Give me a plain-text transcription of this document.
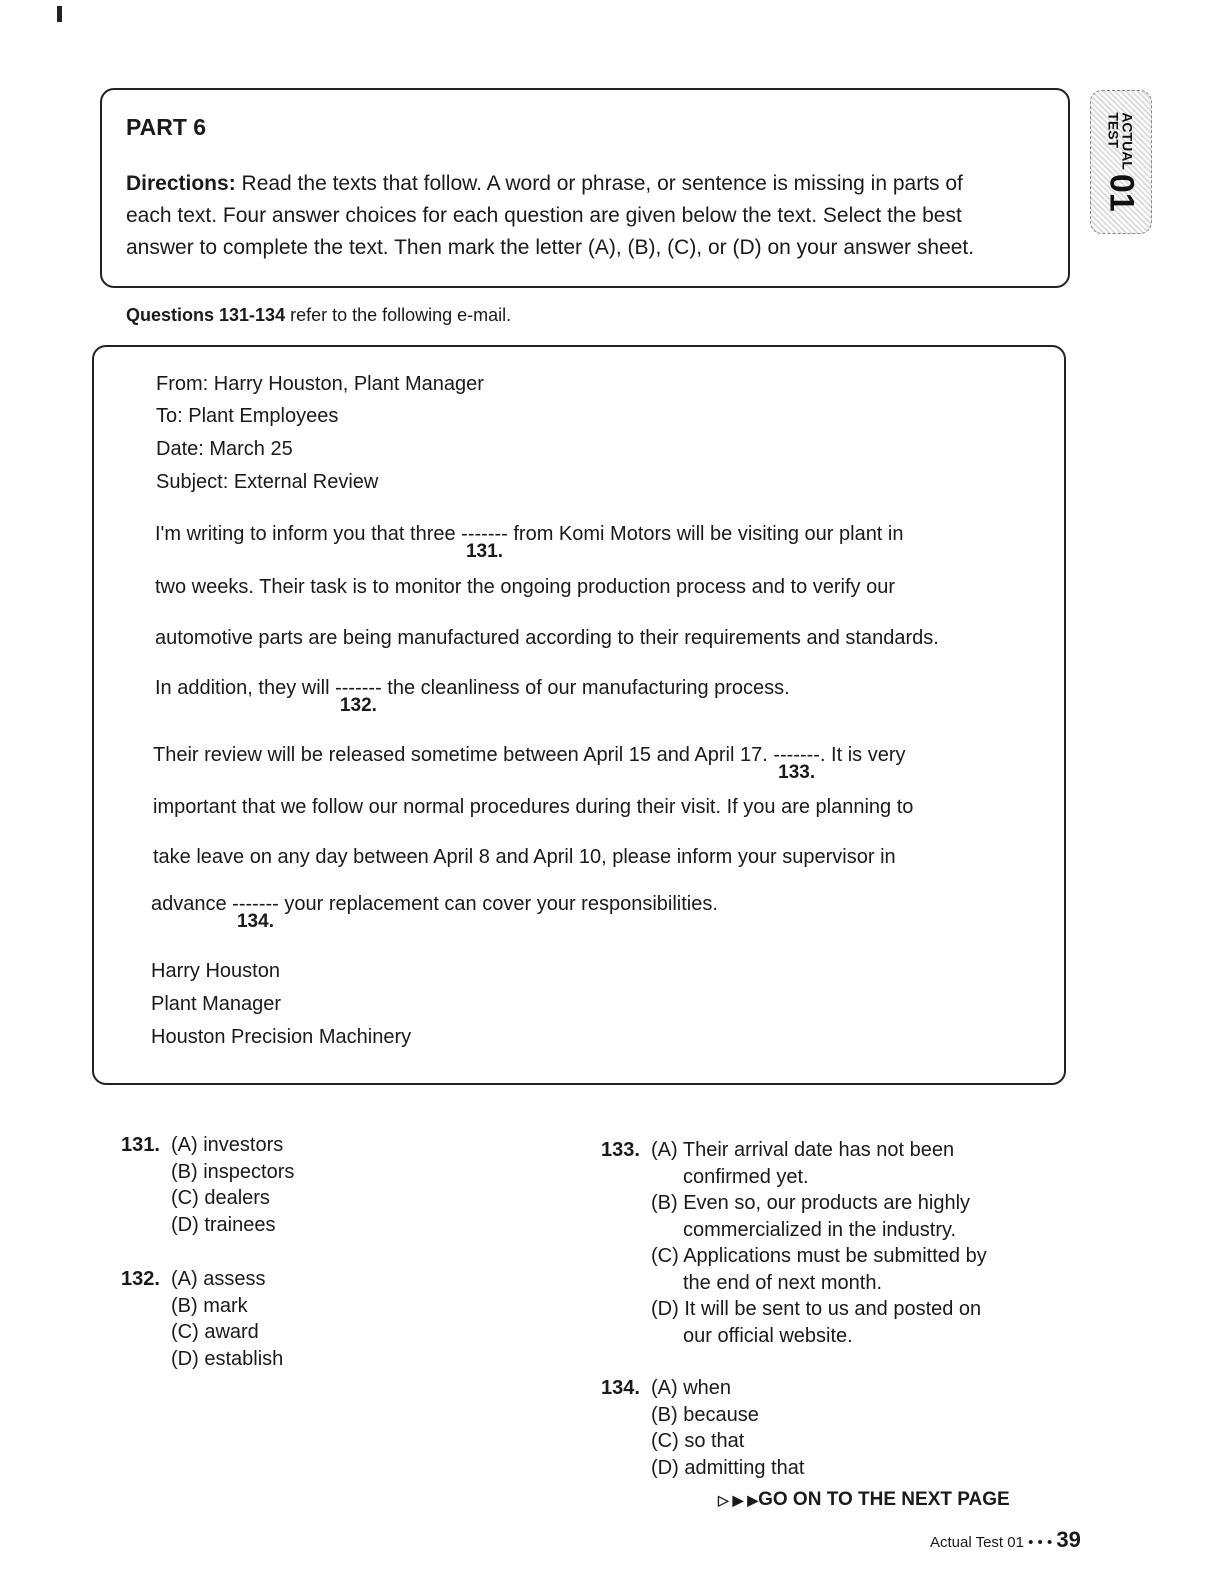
PART 6
Directions: Read the texts that follow. A word or phrase, or sentence is missing in parts of
each text. Four answer choices for each question are given below the text. Select the best
answer to complete the text. Then mark the letter (A), (B), (C), or (D) on your answer sheet.
ACTUAL
TEST01
Questions 131-134 refer to the following e-mail.
From: Harry Houston, Plant Manager
To: Plant Employees
Date: March 25
Subject: External Review
I'm writing to inform you that three -------
131.
from Komi Motors will be visiting our plant in
two weeks. Their task is to monitor the ongoing production process and to verify our
automotive parts are being manufactured according to their requirements and standards.
In addition, they will -------
132.
the cleanliness of our manufacturing process.
Their review will be released sometime between April 15 and April 17. -------
133.
. It is very
important that we follow our normal procedures during their visit. If you are planning to
take leave on any day between April 8 and April 10, please inform your supervisor in
advance -------
134.
your replacement can cover your responsibilities.
Harry Houston
Plant Manager
Houston Precision Machinery
131. (A) investors
(B) inspectors
(C) dealers
(D) trainees
132. (A) assess
(B) mark
(C) award
(D) establish
133. (A) Their arrival date has not been confirmed yet.
(B) Even so, our products are highly commercialized in the industry.
(C) Applications must be submitted by the end of next month.
(D) It will be sent to us and posted on our official website.
134. (A) when
(B) because
(C) so that
(D) admitting that
▷ ▶ ▶GO ON TO THE NEXT PAGE
Actual Test 01 • • • 39
